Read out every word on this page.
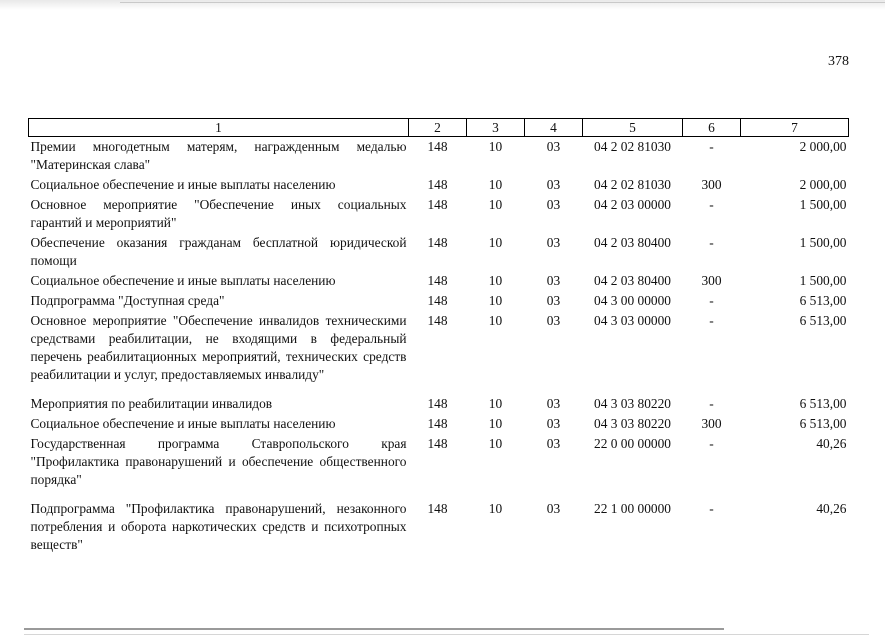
378
1	2	3	4	5	6	7
Премии многодетным матерям, награжденным медалью "Материнская слава"	148	10	03	04 2 02 81030	-	2 000,00
Социальное обеспечение и иные выплаты населению	148	10	03	04 2 02 81030	300	2 000,00
Основное мероприятие "Обеспечение иных социальных гарантий и мероприятий"	148	10	03	04 2 03 00000	-	1 500,00
Обеспечение оказания гражданам бесплатной юридической помощи	148	10	03	04 2 03 80400	-	1 500,00
Социальное обеспечение и иные выплаты населению	148	10	03	04 2 03 80400	300	1 500,00
Подпрограмма "Доступная среда"	148	10	03	04 3 00 00000	-	6 513,00
Основное мероприятие "Обеспечение инвалидов техническими средствами реабилитации, не входящими в федеральный перечень реабилитационных мероприятий, технических средств реабилитации и услуг, предоставляемых инвалиду"	148	10	03	04 3 03 00000	-	6 513,00
Мероприятия по реабилитации инвалидов	148	10	03	04 3 03 80220	-	6 513,00
Социальное обеспечение и иные выплаты населению	148	10	03	04 3 03 80220	300	6 513,00
Государственная программа Ставропольского края "Профилактика правонарушений и обеспечение общественного порядка"	148	10	03	22 0 00 00000	-	40,26
Подпрограмма "Профилактика правонарушений, незаконного потребления и оборота наркотических средств и психотропных веществ"	148	10	03	22 1 00 00000	-	40,26
